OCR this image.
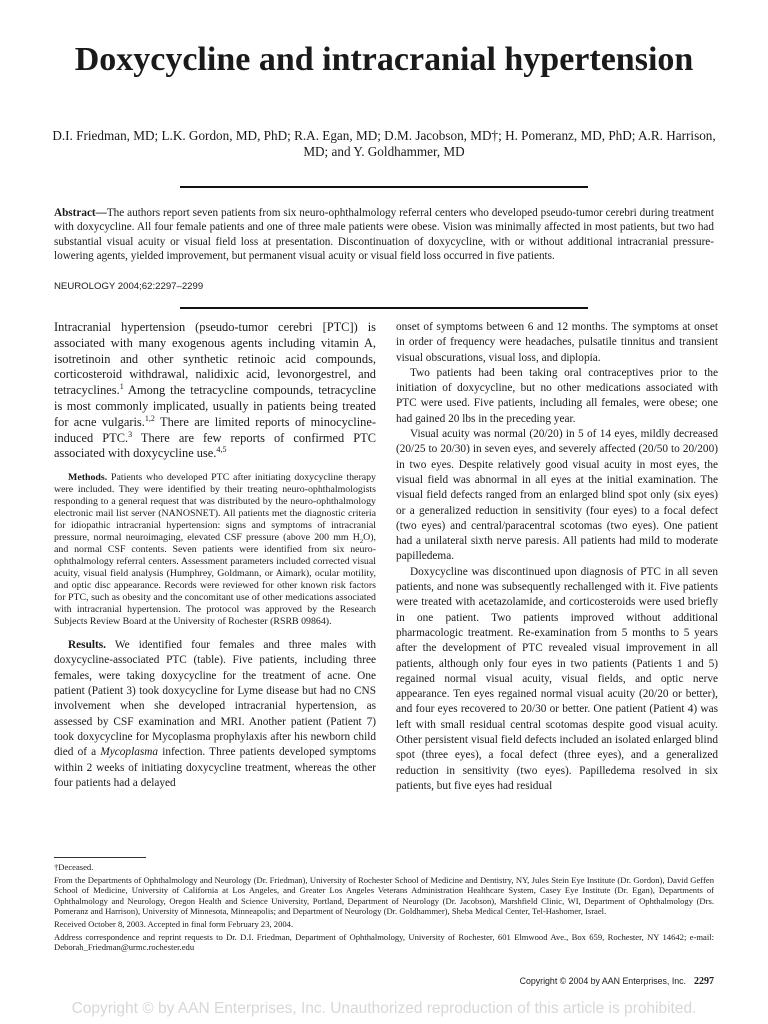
Doxycycline and intracranial hypertension
D.I. Friedman, MD; L.K. Gordon, MD, PhD; R.A. Egan, MD; D.M. Jacobson, MD†; H. Pomeranz, MD, PhD; A.R. Harrison, MD; and Y. Goldhammer, MD

Abstract—The authors report seven patients from six neuro-ophthalmology referral centers who developed pseudo-tumor cerebri during treatment with doxycycline. All four female patients and one of three male patients were obese. Vision was minimally affected in most patients, but two had substantial visual acuity or visual field loss at presentation. Discontinuation of doxycycline, with or without additional intracranial pressure-lowering agents, yielded improvement, but permanent visual acuity or visual field loss occurred in five patients.

NEUROLOGY 2004;62:2297–2299

Intracranial hypertension (pseudo-tumor cerebri [PTC]) is associated with many exogenous agents including vitamin A, isotretinoin and other synthetic retinoic acid compounds, corticosteroid withdrawal, nalidixic acid, levonorgestrel, and tetracyclines.$^1$ Among the tetracycline compounds, tetracycline is most commonly implicated, usually in patients being treated for acne vulgaris.$^{1,2}$ There are limited reports of minocycline-induced PTC.$^3$ There are few reports of confirmed PTC associated with doxycycline use.$^{4,5}$

Methods. Patients who developed PTC after initiating doxycycline therapy were included. They were identified by their treating neuro-ophthalmologists responding to a general request that was distributed by the neuro-ophthalmology electronic mail list server (NANOSNET). All patients met the diagnostic criteria for idiopathic intracranial hypertension: signs and symptoms of intracranial pressure, normal neuroimaging, elevated CSF pressure (above 200 mm $H_2O$), and normal CSF contents. Seven patients were identified from six neuro-ophthalmology referral centers. Assessment parameters included corrected visual acuity, visual field analysis (Humphrey, Goldmann, or Aimark), ocular motility, and optic disc appearance. Records were reviewed for other known risk factors for PTC, such as obesity and the concomitant use of other medications associated with intracranial hypertension. The protocol was approved by the Research Subjects Review Board at the University of Rochester (RSRB 09864).

Results. We identified four females and three males with doxycycline-associated PTC (table). Five patients, including three females, were taking doxycycline for the treatment of acne. One patient (Patient 3) took doxycycline for Lyme disease but had no CNS involvement when she developed intracranial hypertension, as assessed by CSF examination and MRI. Another patient (Patient 7) took doxycycline for Mycoplasma prophylaxis after his newborn child died of a Mycoplasma infection. Three patients developed symptoms within 2 weeks of initiating doxycycline treatment, whereas the other four patients had a delayed

onset of symptoms between 6 and 12 months. The symptoms at onset in order of frequency were headaches, pulsatile tinnitus and transient visual obscurations, visual loss, and diplopia.

Two patients had been taking oral contraceptives prior to the initiation of doxycycline, but no other medications associated with PTC were used. Five patients, including all females, were obese; one had gained 20 lbs in the preceding year.

Visual acuity was normal (20/20) in 5 of 14 eyes, mildly decreased (20/25 to 20/30) in seven eyes, and severely affected (20/50 to 20/200) in two eyes. Despite relatively good visual acuity in most eyes, the visual field was abnormal in all eyes at the initial examination. The visual field defects ranged from an enlarged blind spot only (six eyes) or a generalized reduction in sensitivity (four eyes) to a focal defect (two eyes) and central/paracentral scotomas (two eyes). One patient had a unilateral sixth nerve paresis. All patients had mild to moderate papilledema.

Doxycycline was discontinued upon diagnosis of PTC in all seven patients, and none was subsequently rechallenged with it. Five patients were treated with acetazolamide, and corticosteroids were used briefly in one patient. Two patients improved without additional pharmacologic treatment. Re-examination from 5 months to 5 years after the development of PTC revealed visual improvement in all patients, although only four eyes in two patients (Patients 1 and 5) regained normal visual acuity, visual fields, and optic nerve appearance. Ten eyes regained normal visual acuity (20/20 or better), and four eyes recovered to 20/30 or better. One patient (Patient 4) was left with small residual central scotomas despite good visual acuity. Other persistent visual field defects included an isolated enlarged blind spot (three eyes), a focal defect (three eyes), and a generalized reduction in sensitivity (two eyes). Papilledema resolved in six patients, but five eyes had residual

†Deceased.

From the Departments of Ophthalmology and Neurology (Dr. Friedman), University of Rochester School of Medicine and Dentistry, NY, Jules Stein Eye Institute (Dr. Gordon), David Geffen School of Medicine, University of California at Los Angeles, and Greater Los Angeles Veterans Administration Healthcare System, Casey Eye Institute (Dr. Egan), Departments of Ophthalmology and Neurology, Oregon Health and Science University, Portland, Department of Neurology (Dr. Jacobson), Marshfield Clinic, WI, Department of Ophthalmology (Drs. Pomeranz and Harrison), University of Minnesota, Minneapolis; and Department of Neurology (Dr. Goldhammer), Sheba Medical Center, Tel-Hashomer, Israel.

Received October 8, 2003. Accepted in final form February 23, 2004.

Address correspondence and reprint requests to Dr. D.I. Friedman, Department of Ophthalmology, University of Rochester, 601 Elmwood Ave., Box 659, Rochester, NY 14642; e-mail: Deborah_Friedman@urmc.rochester.edu

Copyright © 2004 by AAN Enterprises, Inc. 2297
Copyright © by AAN Enterprises, Inc. Unauthorized reproduction of this article is prohibited.
